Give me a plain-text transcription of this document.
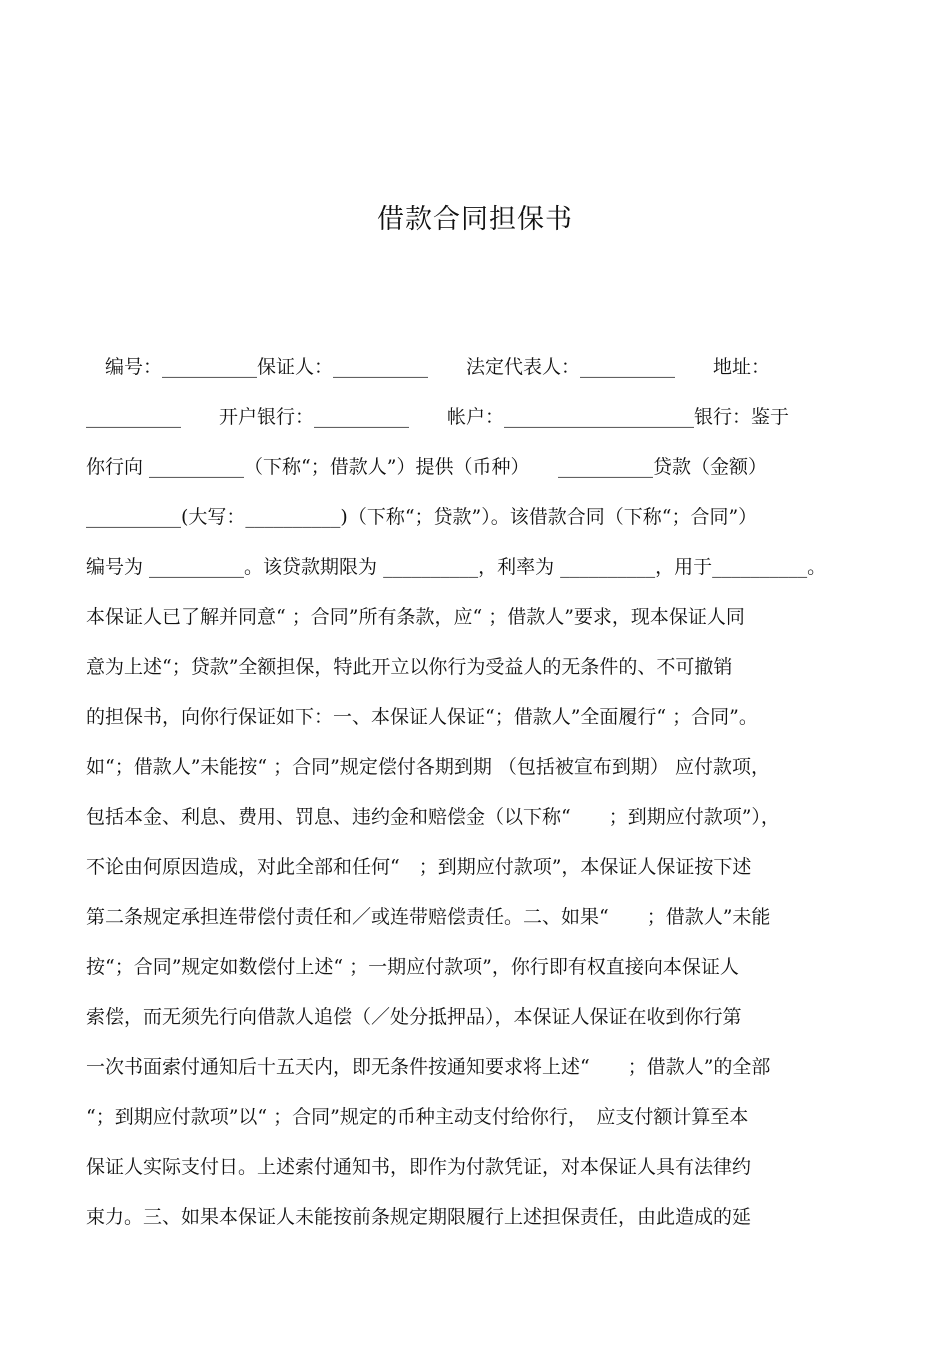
借款合同担保书
　编号：__________保证人：__________　　法定代表人：__________　　地址：
__________　　开户银行：__________　　帐户：____________________银行：鉴于
你行向 __________（下称“；借款人”）提供（币种）　　__________贷款（金额）
__________(大写：__________)（下称“；贷款”）。该借款合同（下称“；合同”）
编号为 __________。该贷款期限为 __________，利率为 __________，用于__________。
本保证人已了解并同意“ ；合同”所有条款，应“ ；借款人”要求，现本保证人同
意为上述“；贷款”全额担保，特此开立以你行为受益人的无条件的、不可撤销
的担保书，向你行保证如下：一、本保证人保证“；借款人”全面履行“ ；合同”。
如“；借款人”未能按“ ；合同”规定偿付各期到期 （包括被宣布到期） 应付款项，
包括本金、利息、费用、罚息、违约金和赔偿金（以下称“　　；到期应付款项”），
不论由何原因造成，对此全部和任何“　；到期应付款项”，本保证人保证按下述
第二条规定承担连带偿付责任和／或连带赔偿责任。二、如果“　　；借款人”未能
按“；合同”规定如数偿付上述“ ；一期应付款项”，你行即有权直接向本保证人
索偿，而无须先行向借款人追偿（／处分抵押品），本保证人保证在收到你行第
一次书面索付通知后十五天内，即无条件按通知要求将上述“　　；借款人”的全部
“；到期应付款项”以“ ；合同”规定的币种主动支付给你行，　应支付额计算至本
保证人实际支付日。上述索付通知书，即作为付款凭证，对本保证人具有法律约
束力。三、如果本保证人未能按前条规定期限履行上述担保责任，由此造成的延
